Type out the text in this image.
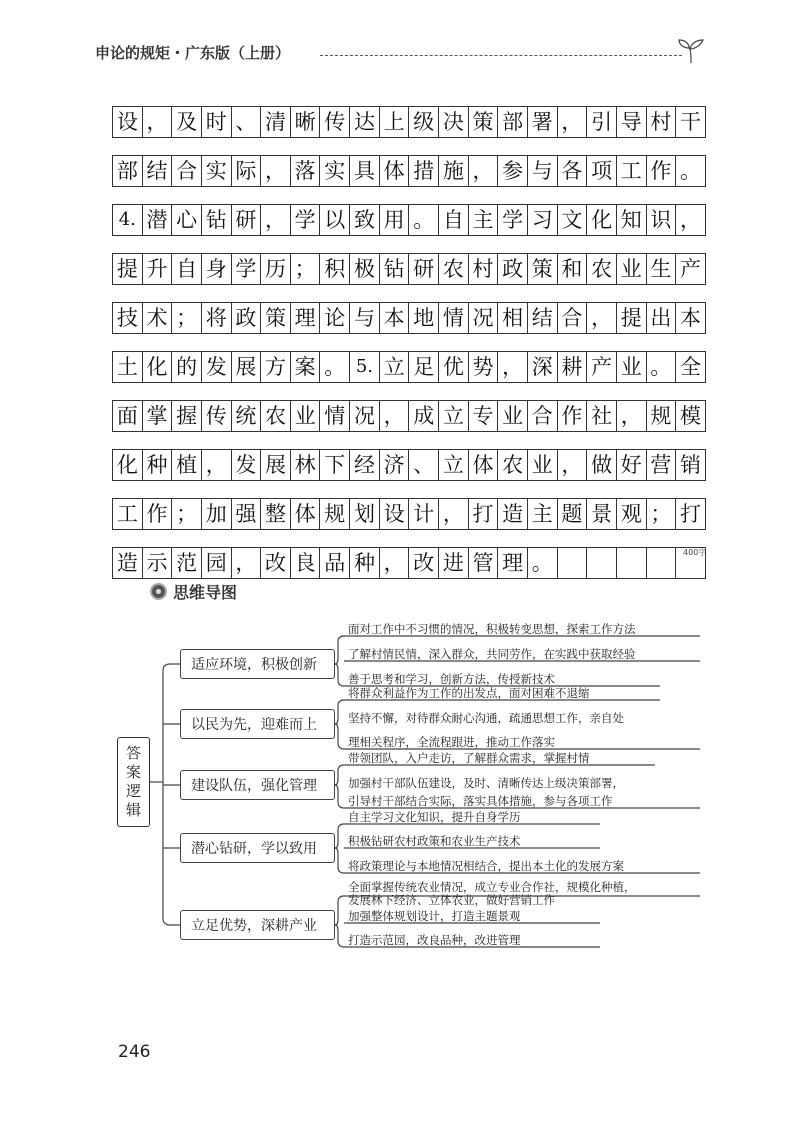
申论的规矩・广东版（上册）
设 ， 及 时 、 清 晰 传 达 上 级 决 策 部 署 ， 引 导 村 干
部 结 合 实 际 ， 落 实 具 体 措 施 ， 参 与 各 项 工 作 。
4. 潜 心 钻 研 ， 学 以 致 用 。 自 主 学 习 文 化 知 识 ，
提 升 自 身 学 历 ； 积 极 钻 研 农 村 政 策 和 农 业 生 产
技 术 ； 将 政 策 理 论 与 本 地 情 况 相 结 合 ， 提 出 本
土 化 的 发 展 方 案 。 5. 立 足 优 势 ， 深 耕 产 业 。 全
面 掌 握 传 统 农 业 情 况 ， 成 立 专 业 合 作 社 ， 规 模
化 种 植 ， 发 展 林 下 经 济 、 立 体 农 业 ， 做 好 营 销
工 作 ； 加 强 整 体 规 划 设 计 ， 打 造 主 题 景 观 ； 打
造 示 范 园 ， 改 良 品 种 ， 改 进 管 理 。	400字
思维导图
答
案
逻
辑
适应环境，积极创新
以民为先，迎难而上
建设队伍，强化管理
潜心钻研，学以致用
立足优势，深耕产业
面对工作中不习惯的情况，积极转变思想，探索工作方法
了解村情民情，深入群众，共同劳作，在实践中获取经验
善于思考和学习，创新方法，传授新技术
将群众利益作为工作的出发点，面对困难不退缩
坚持不懈，对待群众耐心沟通，疏通思想工作，亲自处
理相关程序，全流程跟进，推动工作落实
带领团队，入户走访，了解群众需求，掌握村情
加强村干部队伍建设，及时、清晰传达上级决策部署，
引导村干部结合实际，落实具体措施，参与各项工作
自主学习文化知识，提升自身学历
积极钻研农村政策和农业生产技术
将政策理论与本地情况相结合，提出本土化的发展方案
全面掌握传统农业情况，成立专业合作社，规模化种植，
发展林下经济、立体农业，做好营销工作
加强整体规划设计，打造主题景观
打造示范园，改良品种，改进管理
246
